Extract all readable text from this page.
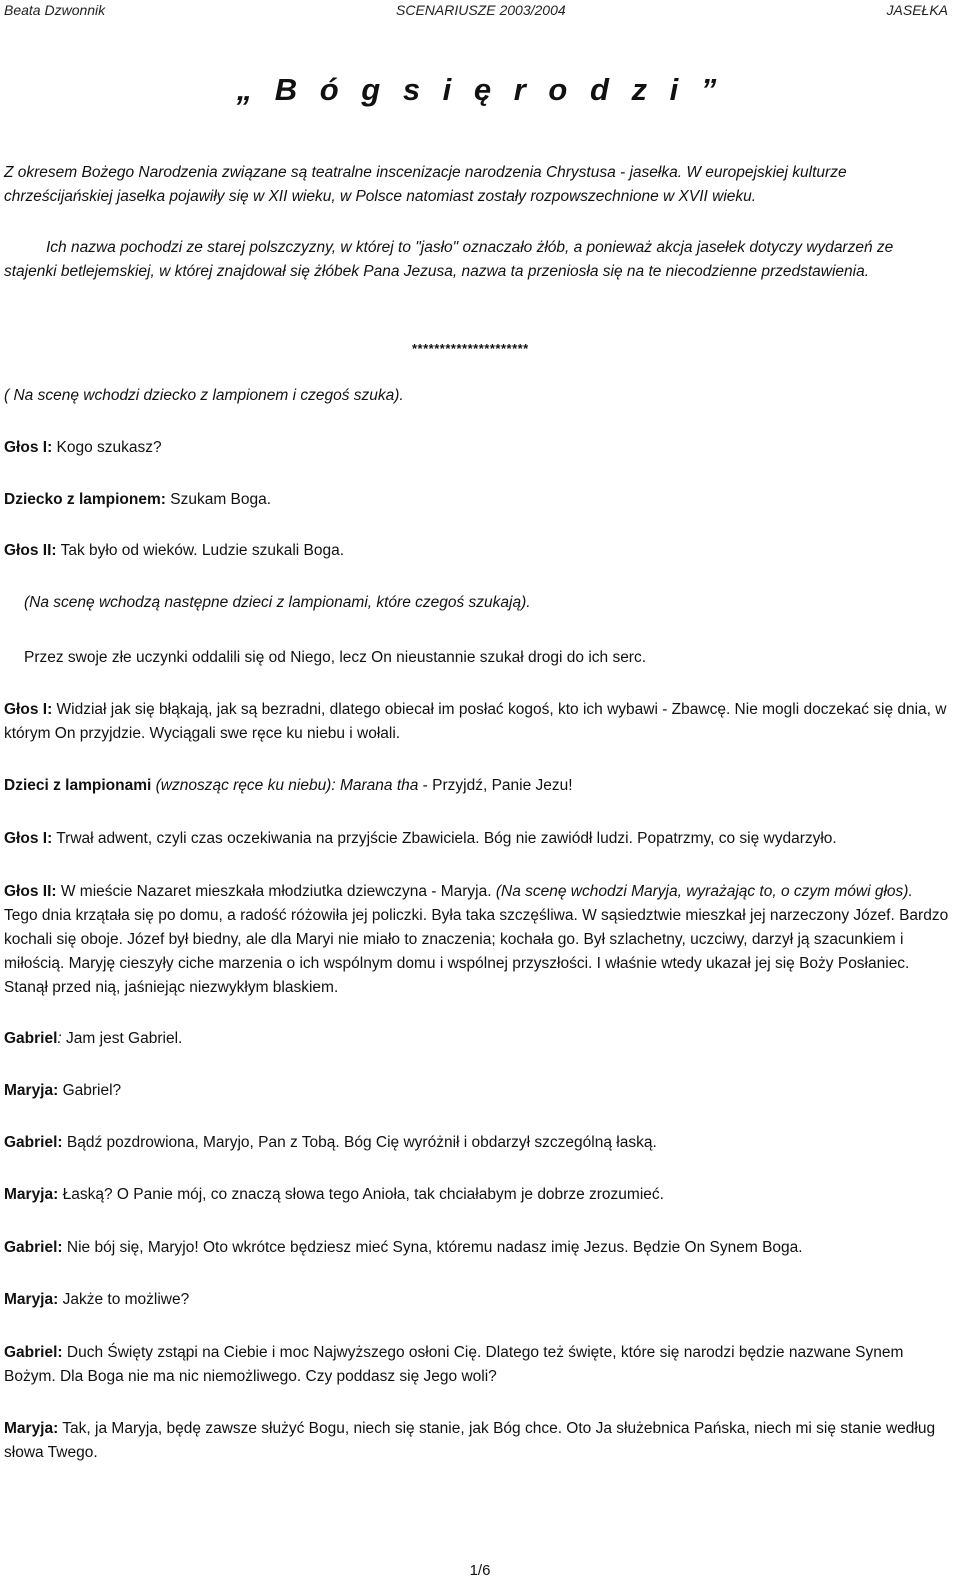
Beata Dzwonnik	SCENARIUSZE 2003/2004	JASEŁKA
„ B ó g s i ę r o d z i ”
Z okresem Bożego Narodzenia związane są teatralne inscenizacje narodzenia Chrystusa - jasełka. W europejskiej kulturze chrześcijańskiej jasełka pojawiły się w XII wieku, w Polsce natomiast zostały rozpowszechnione w XVII wieku.
Ich nazwa pochodzi ze starej polszczyzny, w której to "jasło" oznaczało żłób, a ponieważ akcja jasełek dotyczy wydarzeń ze stajenki betlejemskiej, w której znajdował się żłóbek Pana Jezusa, nazwa ta przeniosła się na te niecodzienne przedstawienia.
*********************
( Na scenę wchodzi dziecko z lampionem i czegoś szuka).
Głos I: Kogo szukasz?
Dziecko z lampionem: Szukam Boga.
Głos II: Tak było od wieków. Ludzie szukali Boga.
(Na scenę wchodzą następne dzieci z lampionami, które czegoś szukają).
Przez swoje złe uczynki oddalili się od Niego, lecz On nieustannie szukał drogi do ich serc.
Głos I: Widział jak się błąkają, jak są bezradni, dlatego obiecał im posłać kogoś, kto ich wybawi - Zbawcę. Nie mogli doczekać się dnia, w którym On przyjdzie. Wyciągali swe ręce ku niebu i wołali.
Dzieci z lampionami (wznosząc ręce ku niebu): Marana tha - Przyjdź, Panie Jezu!
Głos I: Trwał adwent, czyli czas oczekiwania na przyjście Zbawiciela. Bóg nie zawiódł ludzi. Popatrzmy, co się wydarzyło.
Głos II: W mieście Nazaret mieszkała młodziutka dziewczyna - Maryja. (Na scenę wchodzi Maryja, wyrażając to, o czym mówi głos). Tego dnia krzątała się po domu, a radość różowiła jej policzki. Była taka szczęśliwa. W sąsiedztwie mieszkał jej narzeczony Józef. Bardzo kochali się oboje. Józef był biedny, ale dla Maryi nie miało to znaczenia; kochała go. Był szlachetny, uczciwy, darzył ją szacunkiem i miłością. Maryję cieszyły ciche marzenia o ich wspólnym domu i wspólnej przyszłości. I właśnie wtedy ukazał jej się Boży Posłaniec. Stanął przed nią, jaśniejąc niezwykłym blaskiem.
Gabriel: Jam jest Gabriel.
Maryja: Gabriel?
Gabriel: Bądź pozdrowiona, Maryjo, Pan z Tobą. Bóg Cię wyróżnił i obdarzył szczególną łaską.
Maryja: Łaską? O Panie mój, co znaczą słowa tego Anioła, tak chciałabym je dobrze zrozumieć.
Gabriel: Nie bój się, Maryjo! Oto wkrótce będziesz mieć Syna, któremu nadasz imię Jezus. Będzie On Synem Boga.
Maryja: Jakże to możliwe?
Gabriel: Duch Święty zstąpi na Ciebie i moc Najwyższego osłoni Cię. Dlatego też święte, które się narodzi będzie nazwane Synem Bożym. Dla Boga nie ma nic niemożliwego. Czy poddasz się Jego woli?
Maryja: Tak, ja Maryja, będę zawsze służyć Bogu, niech się stanie, jak Bóg chce. Oto Ja służebnica Pańska, niech mi się stanie według słowa Twego.
1/6
